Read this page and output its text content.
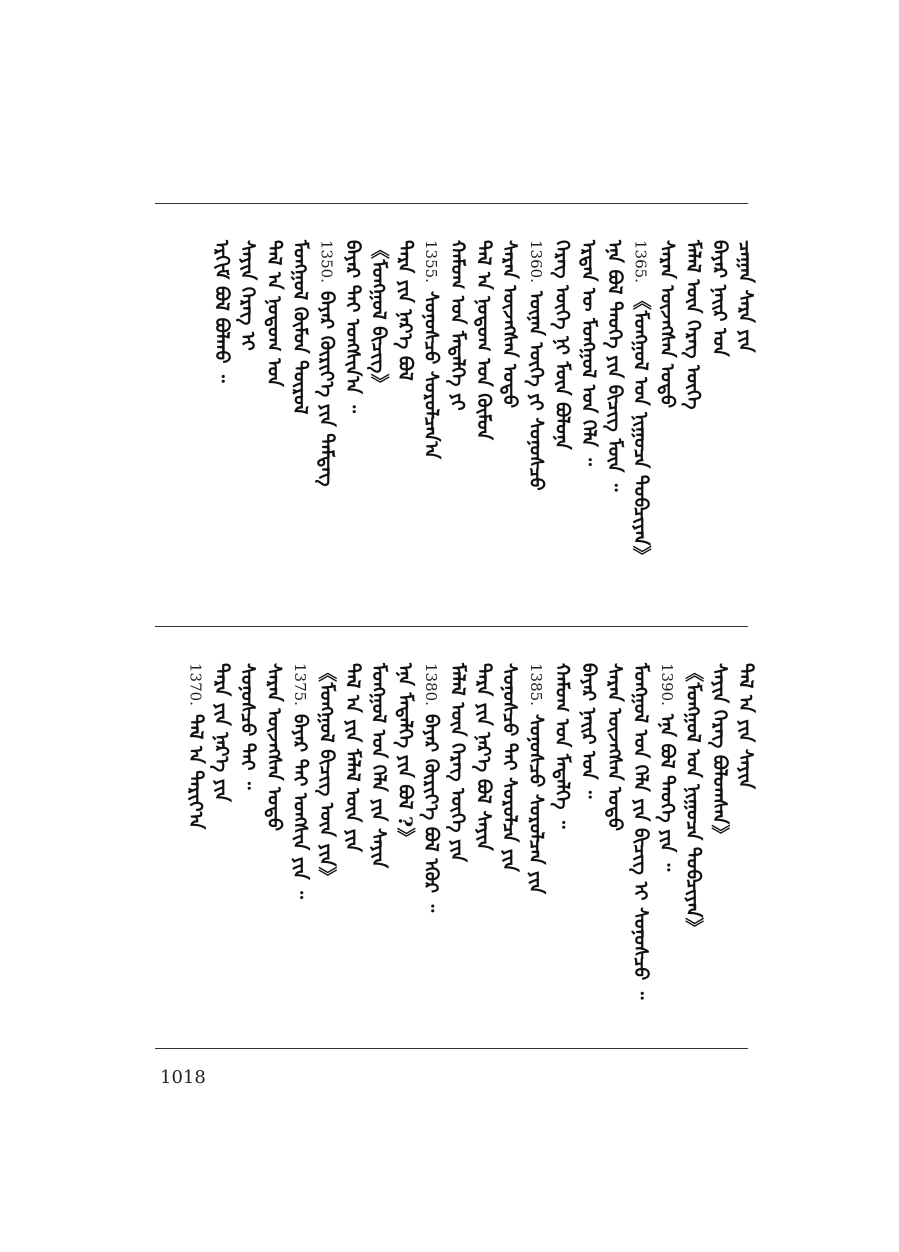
ᠴᠠᠭᠠᠨ ᠰᠠᠷᠠ ᠶᠢᠨ
ᠪᠠᠶᠠᠷ ᠨᠠᠢᠷ ᠤᠨ
ᠮᠠᠯᠠᠯ ᠦᠨ ᠬᠡᠷᠡᠭ ᠦᠭᠡ
ᠰᠠᠷᠠᠨ ᠦᠵᠡᠭᠰᠡᠨ ᠣᠳᠤ
1365.
《ᠮᠣᠩᠭᠣᠯ ᠤᠨ ᠨᠢᠭᠤᠴᠠ ᠲᠣᠪᠴᠢᠶᠠᠨ》
ᠡᠨᠡ ᠪᠣᠯ ᠲᠡᠦᠬᠡ ᠶᠢᠨ ᠪᠢᠴᠢᠭ ᠮᠥᠨ ᠃
ᠡᠷᠲᠡᠨ ᠦ ᠮᠣᠩᠭᠣᠯ ᠤᠨ ᠬᠡᠯᠡ ᠃
ᠬᠡᠷᠡᠭ ᠦᠭᠡ ᠨᠢ ᠮᠥᠨ ᠪᠣᠯᠤᠨᠠ
1360.
ᠦᠨᠡᠨ ᠦᠭᠡ ᠶᠢ ᠰᠣᠨᠣᠰᠴᠤ
ᠰᠠᠷᠠᠨ ᠦᠵᠡᠭᠰᠡᠨ ᠣᠳᠤ
ᠲᠠᠯ ᠠ ᠨᠤᠲᠤᠭ ᠤᠨ ᠬᠦᠮᠦᠨ
ᠬᠠᠮᠤᠭ ᠤᠨ ᠮᠡᠳᠡᠯᠭᠡ ᠶᠢ
1355.
ᠰᠣᠨᠣᠰᠴᠤ ᠰᠤᠷᠤᠯᠴᠠᠨ᠎ᠠ
ᠲᠡᠷᠡ ᠶᠢᠨ ᠨᠡᠷ᠎ᠡ ᠪᠣᠯ
《ᠮᠣᠩᠭᠣᠯ ᠪᠢᠴᠢᠭ》
ᠪᠠᠶᠠᠷ ᠲᠠᠢ ᠤᠩᠰᠢᠨ᠎ᠠ ᠃
1350.
ᠪᠠᠶᠠᠷ ᠬᠦᠷᠢᠶ᠎ᠡ ᠶᠢᠨ ᠲᠡᠮᠳᠡᠭ
ᠮᠣᠩᠭᠣᠯ ᠬᠦᠮᠦᠨ ᠲᠥᠷᠦᠯ
ᠲᠠᠯ ᠠ ᠨᠤᠲᠤᠭ ᠤᠨ
ᠰᠠᠶᠢᠨ ᠬᠡᠷᠡᠭ ᠢ
ᠡᠷᠬᠢᠮ ᠪᠣᠯ ᠪᠣᠯᠬᠤ ᠃
ᠲᠠᠯ ᠠ ᠶᠢᠨ ᠰᠠᠶᠢᠨ
ᠰᠠᠶᠢᠨ ᠬᠡᠷᠡᠭ ᠪᠣᠯᠤᠭᠰᠠᠨ》
《ᠮᠣᠩᠭᠣᠯ ᠤᠨ ᠨᠢᠭᠤᠴᠠ ᠲᠣᠪᠴᠢᠶᠠᠨ》
1390.
ᠡᠨᠡ ᠪᠣᠯ ᠲᠡᠦᠬᠡ ᠶᠢᠨ ᠃
ᠮᠣᠩᠭᠣᠯ ᠤᠨ ᠬᠡᠯᠡ ᠶᠢᠨ ᠪᠢᠴᠢᠭ ᠢ ᠰᠣᠨᠣᠰᠴᠤ ᠃
ᠰᠠᠷᠠᠨ ᠦᠵᠡᠭᠰᠡᠨ ᠣᠳᠤ
ᠪᠠᠶᠠᠷ ᠨᠠᠢᠷ ᠤᠨ ᠃
ᠬᠠᠮᠤᠭ ᠤᠨ ᠮᠡᠳᠡᠯᠭᠡ ᠃
1385.
ᠰᠣᠨᠣᠰᠴᠤ ᠰᠤᠷᠤᠯᠴᠠᠨ ᠶᠢᠨ
ᠰᠣᠨᠣᠰᠴᠤ ᠲᠠᠢ ᠰᠤᠷᠤᠯᠴᠠ ᠶᠢᠨ
ᠲᠡᠷᠡ ᠶᠢᠨ ᠨᠡᠷ᠎ᠡ ᠪᠣᠯ ᠰᠠᠶᠢᠨ
ᠮᠠᠯᠠᠯ ᠦᠨ ᠬᠡᠷᠡᠭ ᠦᠭᠡ ᠶᠢᠨ
1380.
ᠪᠠᠶᠠᠷ ᠬᠦᠷᠢᠶ᠎ᠡ ᠪᠣᠯ ᠡᠭᠦᠷ ᠃
ᠡᠨᠡ ᠮᠡᠳᠡᠯᠭᠡ ᠶᠢᠨ ᠪᠣᠯ ?》
ᠮᠣᠩᠭᠣᠯ ᠤᠨ ᠬᠡᠯᠡ ᠶᠢᠨ ᠰᠠᠶᠢᠨ
ᠲᠠᠯ ᠠ ᠶᠢᠨ ᠮᠠᠯᠠᠯ ᠦᠨ ᠶᠢᠨ
《ᠮᠣᠩᠭᠣᠯ ᠪᠢᠴᠢᠭ ᠦᠨ ᠶᠢᠨ》
1375.
ᠪᠠᠶᠠᠷ ᠲᠠᠢ ᠤᠩᠰᠢᠨ ᠶᠢᠨ ᠃
ᠰᠠᠷᠠᠨ ᠦᠵᠡᠭᠰᠡᠨ ᠣᠳᠤ
ᠰᠣᠨᠣᠰᠴᠤ ᠲᠠᠢ ᠃
ᠲᠡᠷᠡ ᠶᠢᠨ ᠨᠡᠷ᠎ᠡ ᠶᠢᠨ
1370.
ᠲᠠᠯ ᠠ ᠲᠠᠷᠢᠶ᠎ᠠ
1018
